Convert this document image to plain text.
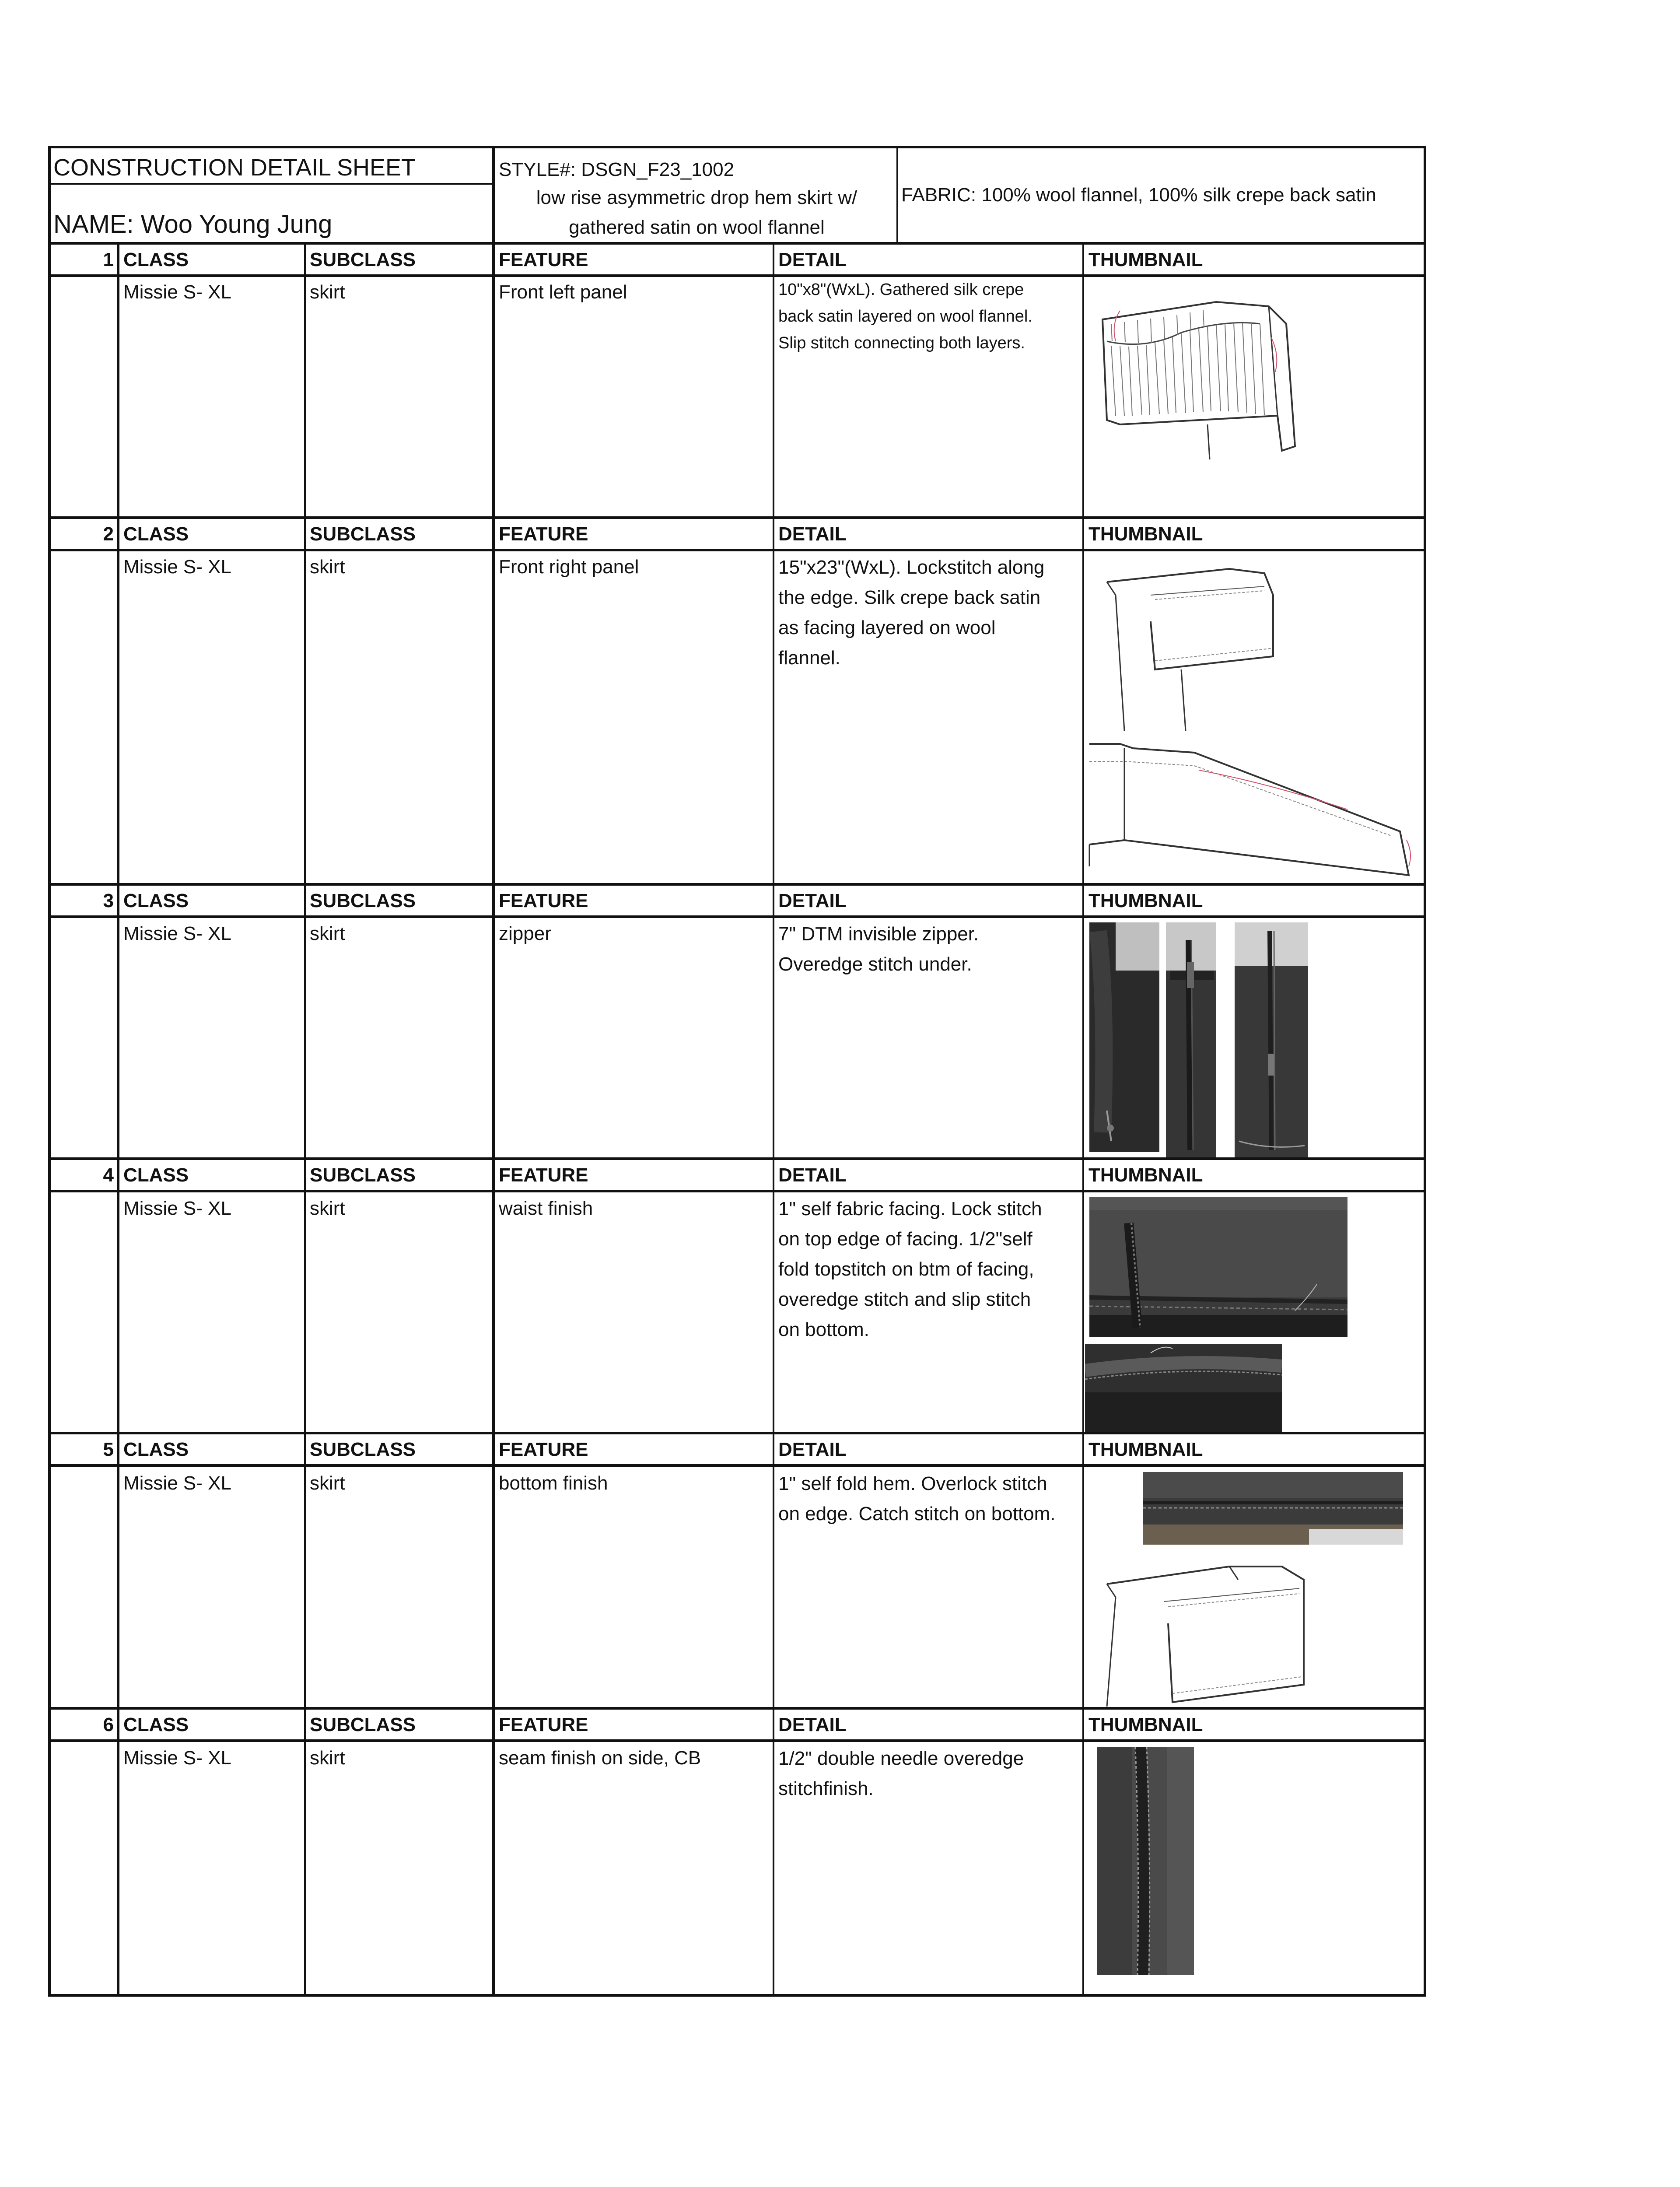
CONSTRUCTION DETAIL SHEET
NAME: Woo Young Jung
STYLE#: DSGN_F23_1002
low rise asymmetric drop hem skirt w/
gathered satin on wool flannel
FABRIC: 100% wool flannel, 100% silk crepe back satin
1 CLASS	SUBCLASS	FEATURE	DETAIL	THUMBNAIL
Missie S- XL	skirt	Front left panel	10"x8"(WxL). Gathered silk crepe
back satin layered on wool flannel.
Slip stitch connecting both layers.
2 CLASS	SUBCLASS	FEATURE	DETAIL	THUMBNAIL
Missie S- XL	skirt	Front right panel	15"x23"(WxL). Lockstitch along
the edge. Silk crepe back satin
as facing layered on wool
flannel.
3 CLASS	SUBCLASS	FEATURE	DETAIL	THUMBNAIL
Missie S- XL	skirt	zipper	7" DTM invisible zipper.
Overedge stitch under.
4 CLASS	SUBCLASS	FEATURE	DETAIL	THUMBNAIL
Missie S- XL	skirt	waist finish	1" self fabric facing. Lock stitch
on top edge of facing. 1/2"self
fold topstitch on btm of facing,
overedge stitch and slip stitch
on bottom.
5 CLASS	SUBCLASS	FEATURE	DETAIL	THUMBNAIL
Missie S- XL	skirt	bottom finish	1" self fold hem. Overlock stitch
on edge. Catch stitch on bottom.
6 CLASS	SUBCLASS	FEATURE	DETAIL	THUMBNAIL
Missie S- XL	skirt	seam finish on side, CB	1/2" double needle overedge
stitchfinish.
